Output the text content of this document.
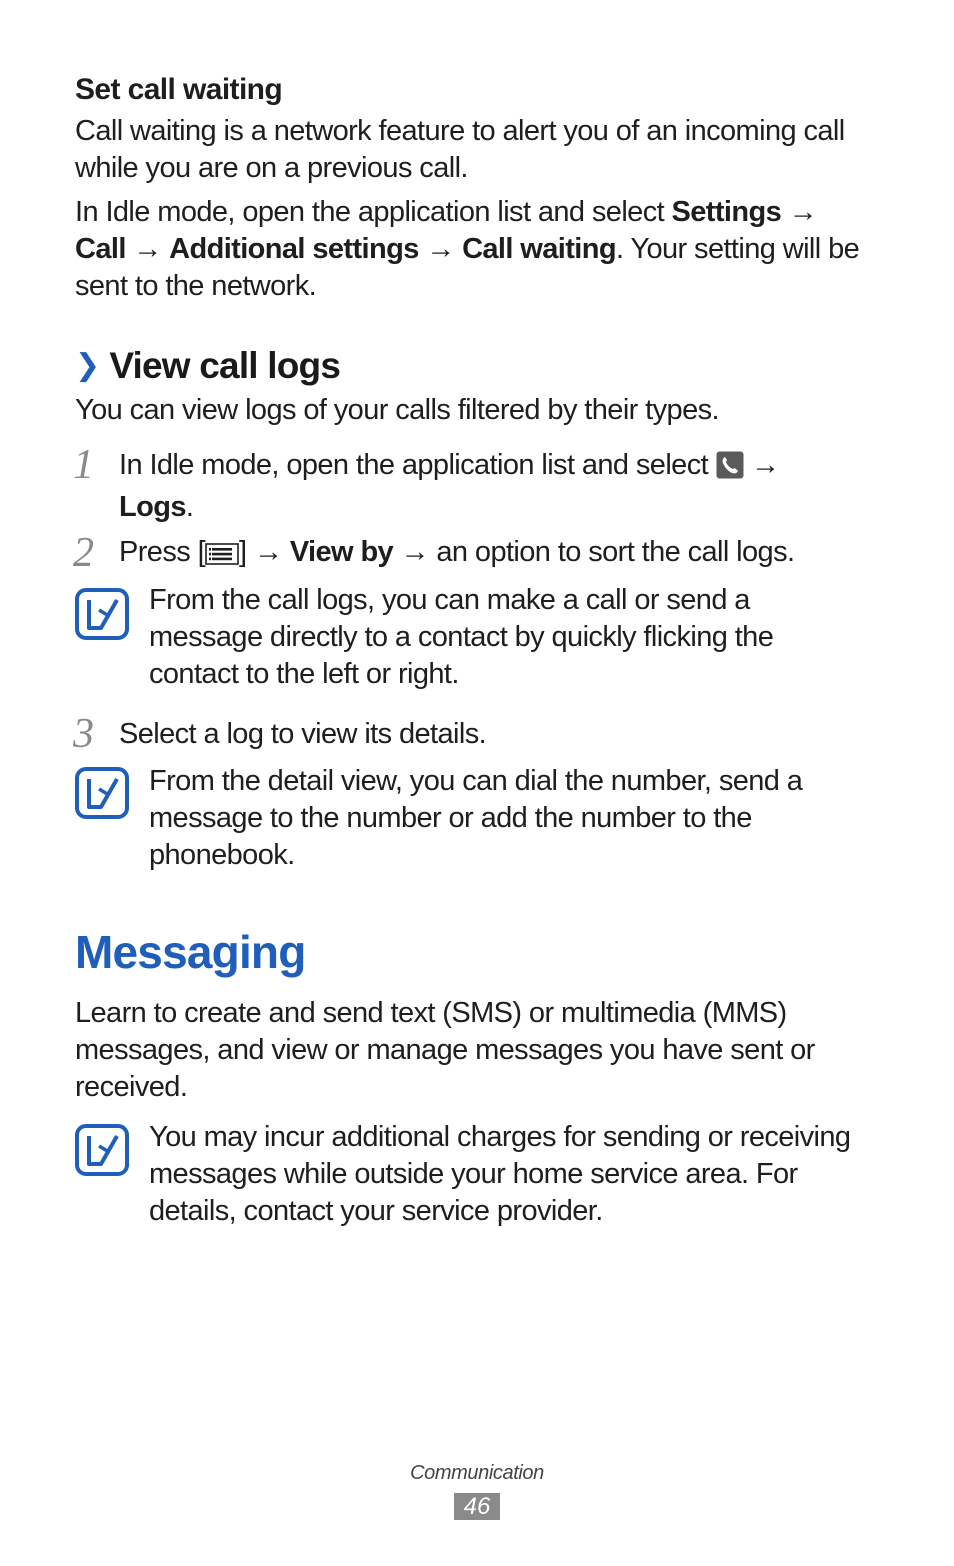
Set call waiting

Call waiting is a network feature to alert you of an incoming call while you are on a previous call.

In Idle mode, open the application list and select Settings → Call → Additional settings → Call waiting. Your setting will be sent to the network.

❯ View call logs

You can view logs of your calls filtered by their types.

1 In Idle mode, open the application list and select  → Logs.

2 Press [ ] → View by → an option to sort the call logs.

From the call logs, you can make a call or send a message directly to a contact by quickly flicking the contact to the left or right.

3 Select a log to view its details.

From the detail view, you can dial the number, send a message to the number or add the number to the phonebook.

Messaging

Learn to create and send text (SMS) or multimedia (MMS) messages, and view or manage messages you have sent or received.

You may incur additional charges for sending or receiving messages while outside your home service area. For details, contact your service provider.

Communication
46
